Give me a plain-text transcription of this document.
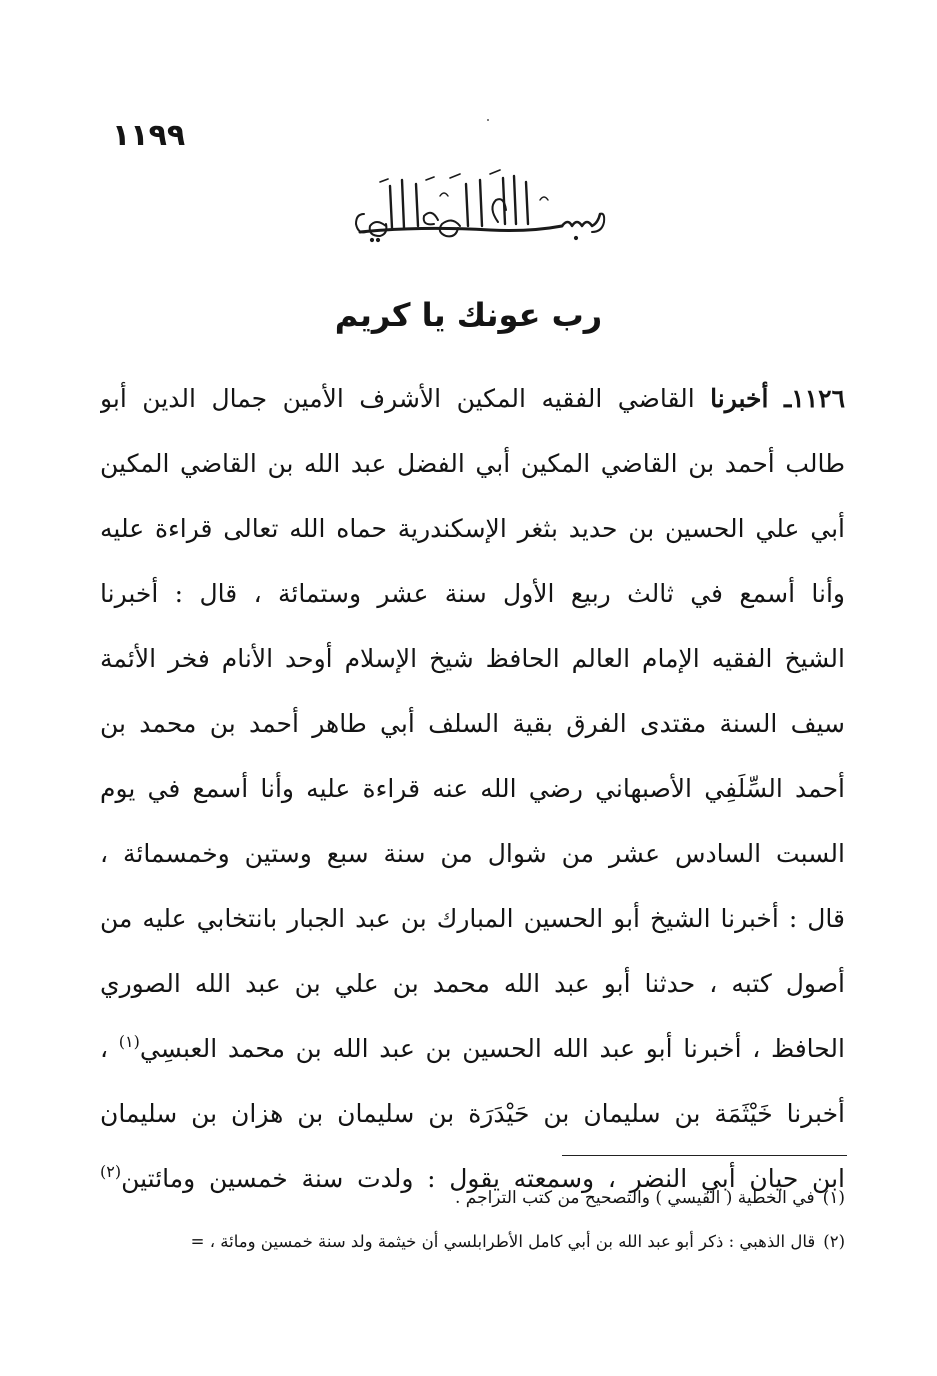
١١٩٩
رب عونك يا كريم
١١٢٦ـ أخبرنا القاضي الفقيه المكين الأشرف الأمين جمال الدين أبو
طالب أحمد بن القاضي المكين أبي الفضل عبد الله بن القاضي المكين
أبي علي الحسين بن حديد بثغر الإسكندرية حماه الله تعالى قراءة عليه
وأنا أسمع في ثالث ربيع الأول سنة عشر وستمائة ، قال : أخبرنا
الشيخ الفقيه الإمام العالم الحافظ شيخ الإسلام أوحد الأنام فخر الأئمة
سيف السنة مقتدى الفرق بقية السلف أبي طاهر أحمد بن محمد بن
أحمد السِّلَفِي الأصبهاني رضي الله عنه قراءة عليه وأنا أسمع في يوم
السبت السادس عشر من شوال من سنة سبع وستين وخمسمائة ،
قال : أخبرنا الشيخ أبو الحسين المبارك بن عبد الجبار بانتخابي عليه من
أصول كتبه ، حدثنا أبو عبد الله محمد بن علي بن عبد الله الصوري
الحافظ ، أخبرنا أبو عبد الله الحسين بن عبد الله بن محمد العبسِي$^{(١)}$ ،
أخبرنا خَيْثَمَة بن سليمان بن حَيْدَرَة بن سليمان بن هزان بن سليمان
ابن حيان أبي النضر ، وسمعته يقول : ولدت سنة خمسين ومائتين$^{(٢)}$
(١)في الخطية ( القيسي ) والتصحيح من كتب التراجم .
(٢)قال الذهبي : ذكر أبو عبد الله بن أبي كامل الأطرابلسي أن خيثمة ولد سنة خمسين ومائة ، =
